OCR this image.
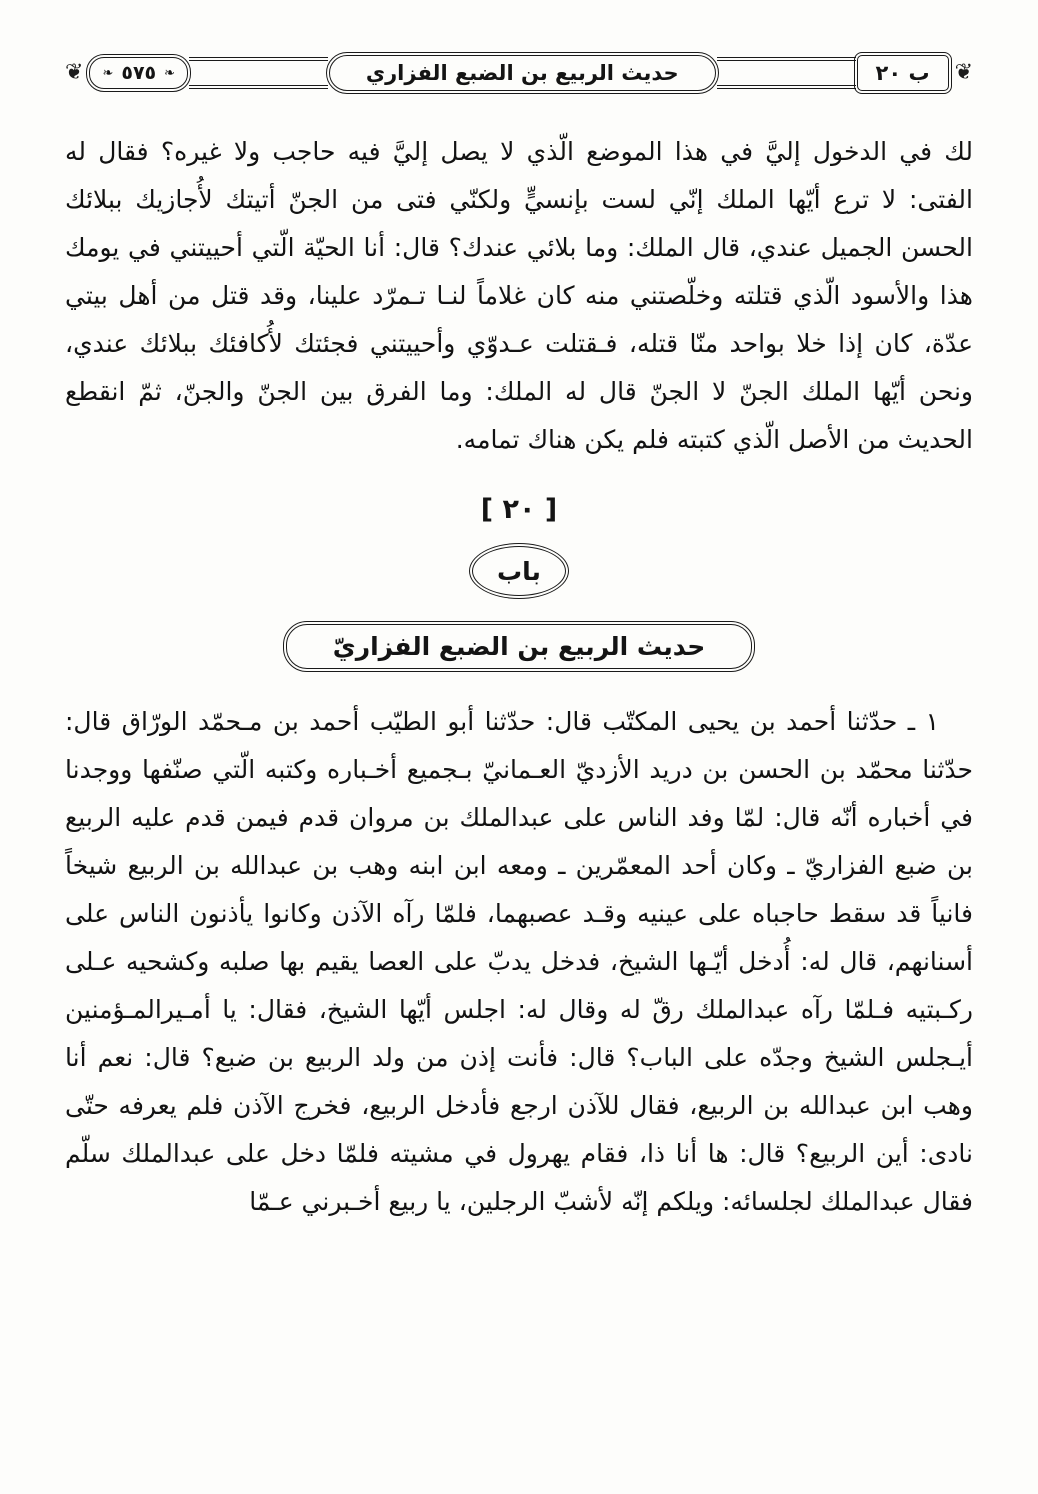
❦
ب ٢٠
حديث الربيع بن الضبع الفزاري
❧
٥٧٥
❧
❦

لك في الدخول إليَّ في هذا الموضع الّذي لا يصل إليَّ فيه حاجب ولا غيره؟ فقال له الفتى: لا ترع أيّها الملك إنّي لست بإنسيٍّ ولكنّي فتى من الجنّ أتيتك لأُجازيك ببلائك الحسن الجميل عندي، قال الملك: وما بلائي عندك؟ قال: أنا الحيّة الّتي أحييتني في يومك هذا والأسود الّذي قتلته وخلّصتني منه كان غلاماً لنـا تـمرّد علينا، وقد قتل من أهل بيتي عدّة، كان إذا خلا بواحد منّا قتله، فـقتلت عـدوّي وأحييتني فجئتك لأُكافئك ببلائك عندي، ونحن أيّها الملك الجنّ لا الجنّ قال له الملك: وما الفرق بين الجنّ والجنّ، ثمّ انقطع الحديث من الأصل الّذي كتبته فلم يكن هناك تمامه.

[ ٢٠ ]
باب
حديث الربيع بن الضبع الفزاريّ

١ ـ حدّثنا أحمد بن يحيى المكتّب قال: حدّثنا أبو الطيّب أحمد بن مـحمّد الورّاق قال: حدّثنا محمّد بن الحسن بن دريد الأزديّ العـمانيّ بـجميع أخـباره وكتبه الّتي صنّفها ووجدنا في أخباره أنّه قال: لمّا وفد الناس على عبدالملك بن مروان قدم فيمن قدم عليه الربيع بن ضبع الفزاريّ ـ وكان أحد المعمّرين ـ ومعه ابن ابنه وهب بن عبدالله بن الربيع شيخاً فانياً قد سقط حاجباه على عينيه وقـد عصبهما، فلمّا رآه الآذن وكانوا يأذنون الناس على أسنانهم، قال له: أُدخل أيّـها الشيخ، فدخل يدبّ على العصا يقيم بها صلبه وكشحيه عـلى ركـبتيه فـلمّا رآه عبدالملك رقّ له وقال له: اجلس أيّها الشيخ، فقال: يا أمـيرالمـؤمنين أيـجلس الشيخ وجدّه على الباب؟ قال: فأنت إذن من ولد الربيع بن ضبع؟ قال: نعم أنا وهب ابن عبدالله بن الربيع، فقال للآذن ارجع فأدخل الربيع، فخرج الآذن فلم يعرفه حتّى نادى: أين الربيع؟ قال: ها أنا ذا، فقام يهرول في مشيته فلمّا دخل على عبدالملك سلّم فقال عبدالملك لجلسائه: ويلكم إنّه لأشبّ الرجلين، يا ربيع أخـبرني عـمّا
